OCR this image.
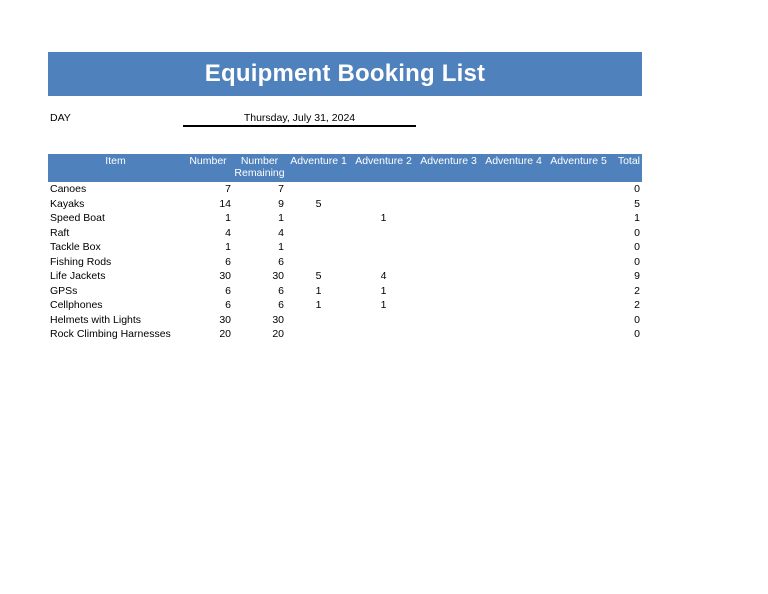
Equipment Booking List
DAY	Thursday, July 31, 2024
Item	Number	Number Remaining	Adventure 1	Adventure 2	Adventure 3	Adventure 4	Adventure 5	Total
Canoes	7	7						0
Kayaks	14	9	5					5
Speed Boat	1	1		1				1
Raft	4	4						0
Tackle Box	1	1						0
Fishing Rods	6	6						0
Life Jackets	30	30	5	4				9
GPSs	6	6	1	1				2
Cellphones	6	6	1	1				2
Helmets with Lights	30	30						0
Rock Climbing Harnesses	20	20						0
